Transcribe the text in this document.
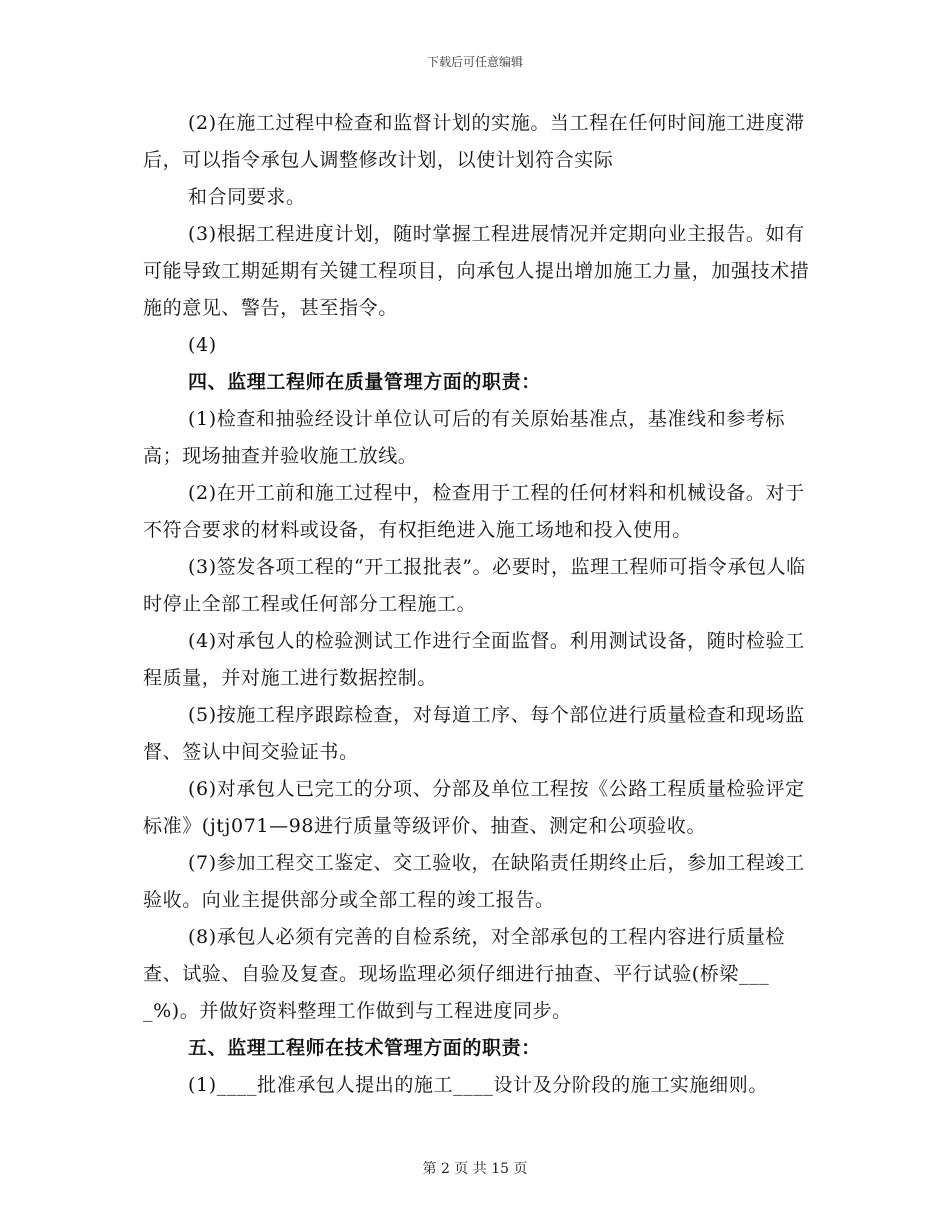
下载后可任意编辑

(2)在施工过程中检查和监督计划的实施。当工程在任何时间施工进度滞后，可以指令承包人调整修改计划，以使计划符合实际

和合同要求。

(3)根据工程进度计划，随时掌握工程进展情况并定期向业主报告。如有可能导致工期延期有关键工程项目，向承包人提出增加施工力量，加强技术措施的意见、警告，甚至指令。

(4)

四、监理工程师在质量管理方面的职责：

(1)检查和抽验经设计单位认可后的有关原始基准点，基准线和参考标高；现场抽查并验收施工放线。

(2)在开工前和施工过程中，检查用于工程的任何材料和机械设备。对于不符合要求的材料或设备，有权拒绝进入施工场地和投入使用。

(3)签发各项工程的“开工报批表”。必要时，监理工程师可指令承包人临时停止全部工程或任何部分工程施工。

(4)对承包人的检验测试工作进行全面监督。利用测试设备，随时检验工程质量，并对施工进行数据控制。

(5)按施工程序跟踪检查，对每道工序、每个部位进行质量检查和现场监督、签认中间交验证书。

(6)对承包人已完工的分项、分部及单位工程按《公路工程质量检验评定标准》(jtj071—98进行质量等级评价、抽查、测定和公项验收。

(7)参加工程交工鉴定、交工验收，在缺陷责任期终止后，参加工程竣工验收。向业主提供部分或全部工程的竣工报告。

(8)承包人必须有完善的自检系统，对全部承包的工程内容进行质量检查、试验、自验及复查。现场监理必须仔细进行抽查、平行试验(桥梁____%)。并做好资料整理工作做到与工程进度同步。

五、监理工程师在技术管理方面的职责：

(1)____批准承包人提出的施工____设计及分阶段的施工实施细则。

第 2 页 共 15 页
